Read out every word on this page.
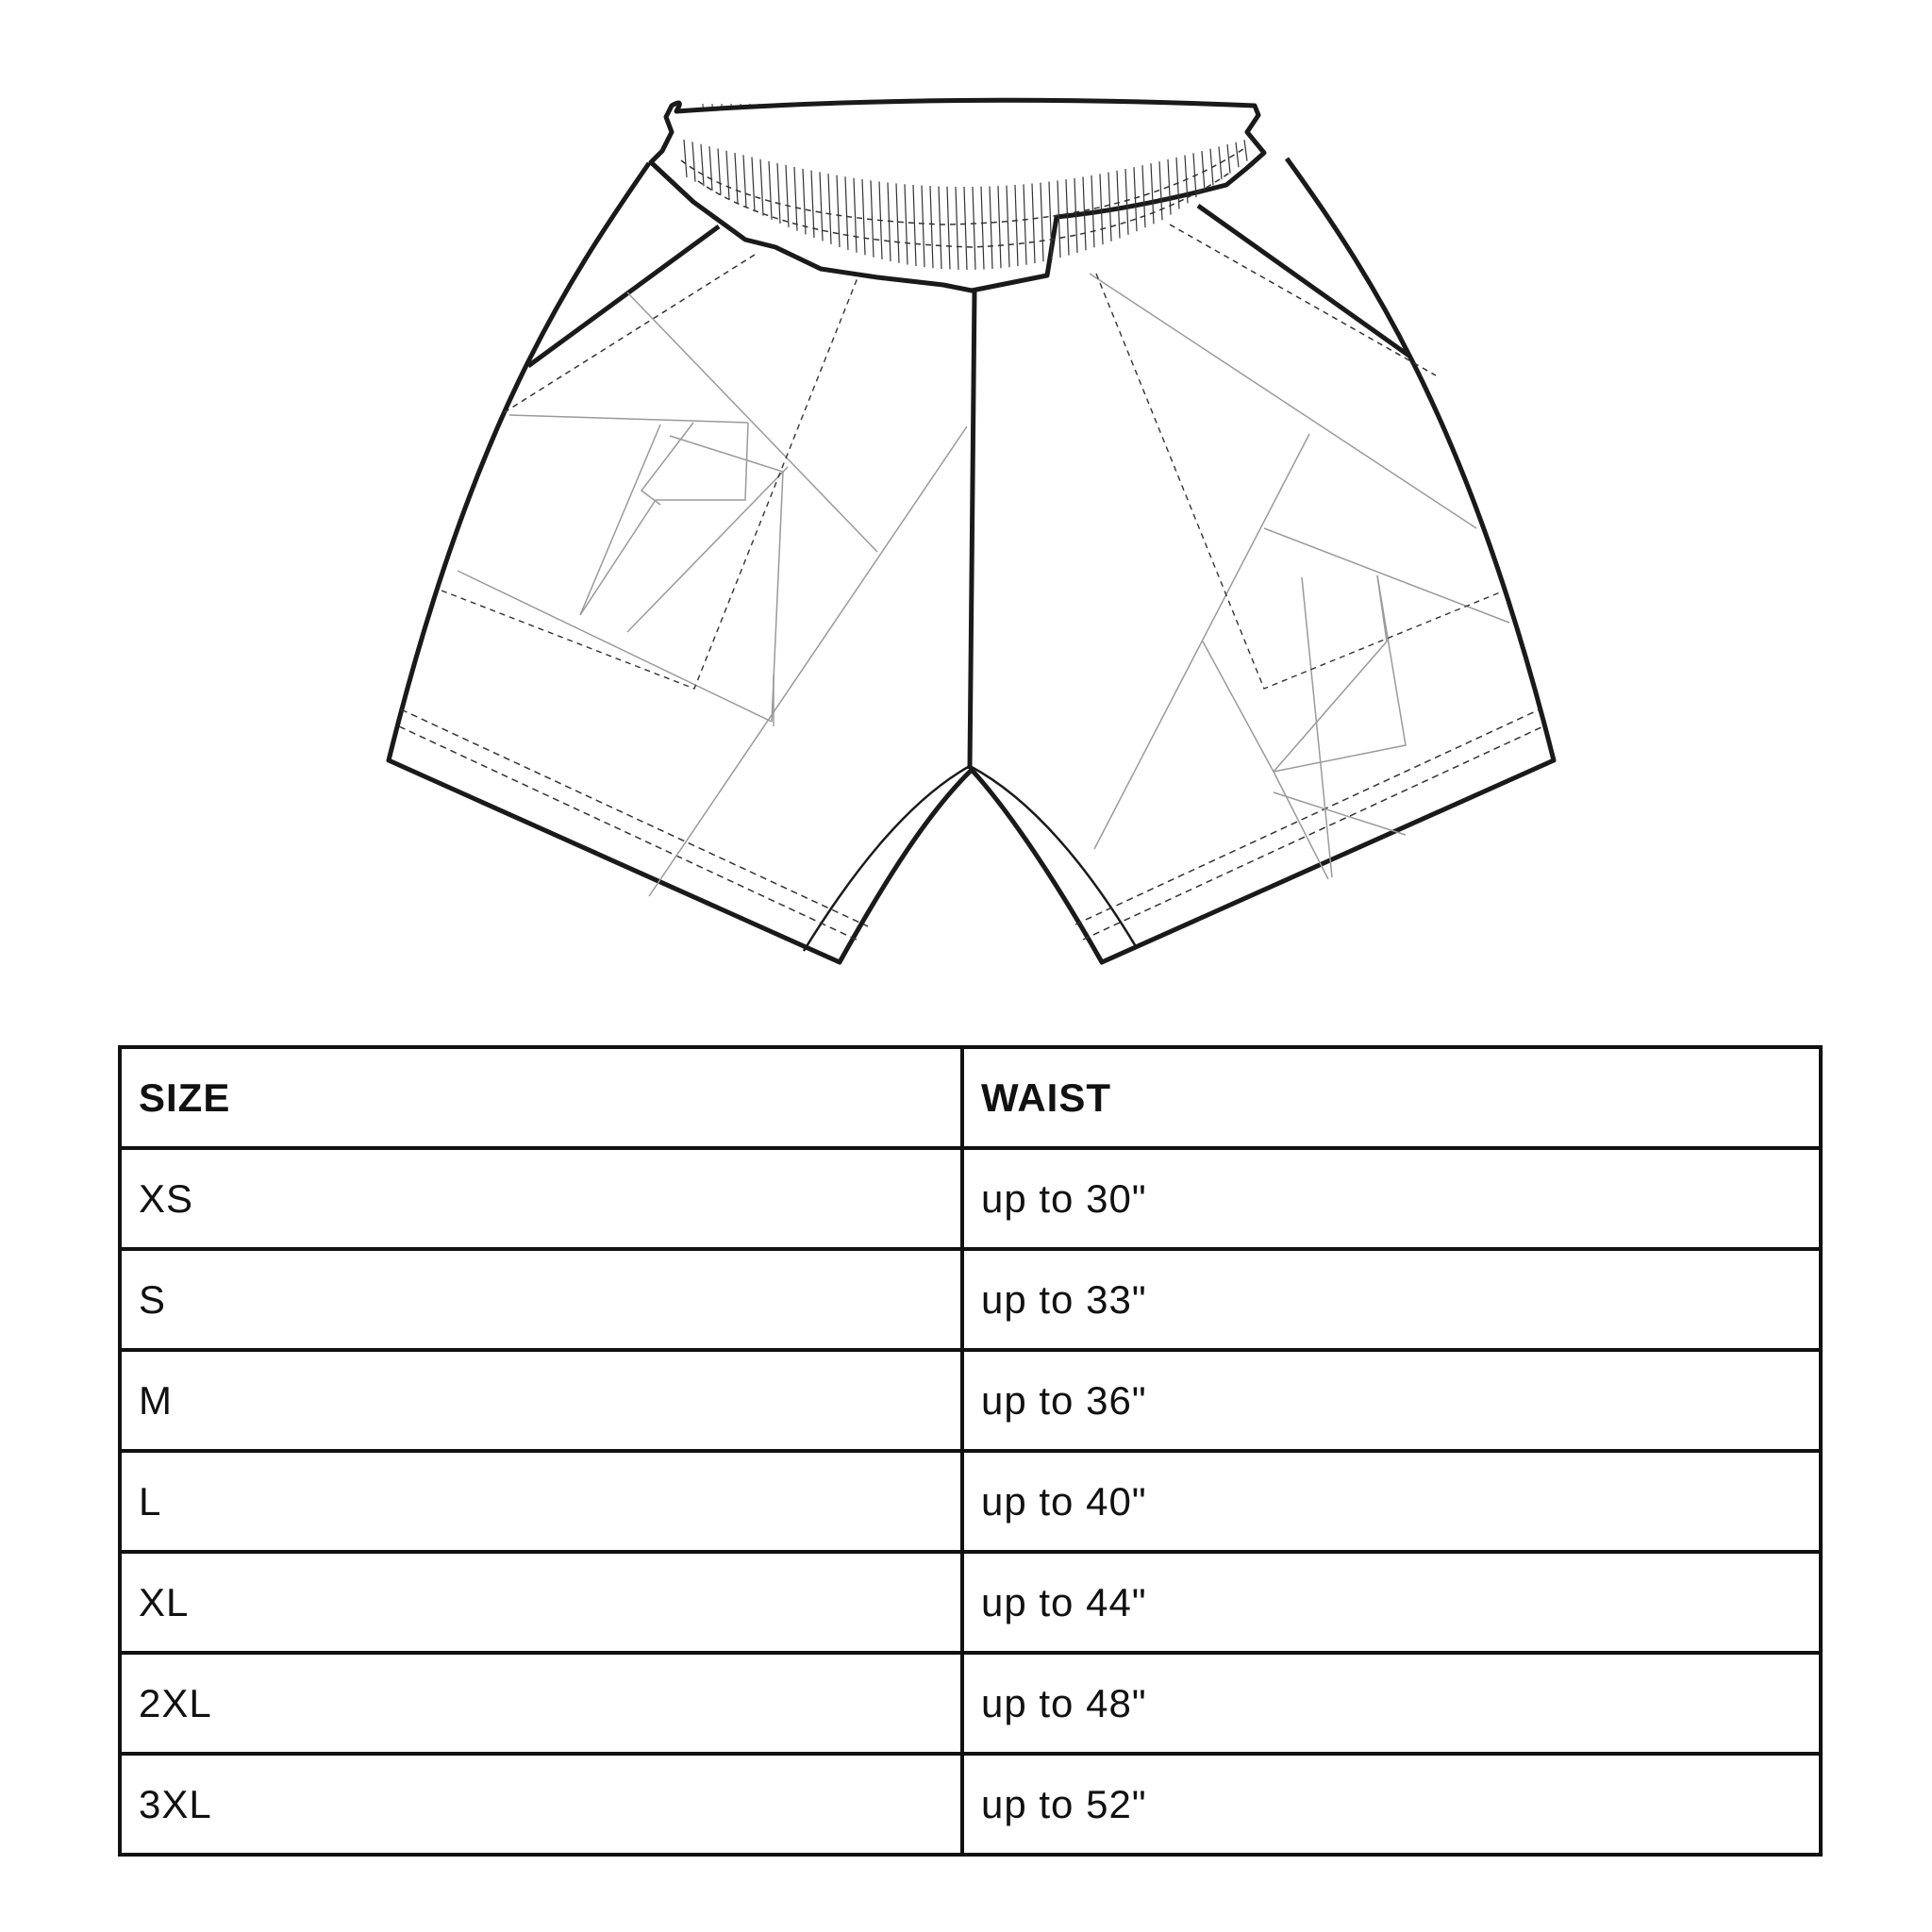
SIZE	WAIST
XS	up to 30"
S	up to 33"
M	up to 36"
L	up to 40"
XL	up to 44"
2XL	up to 48"
3XL	up to 52"
